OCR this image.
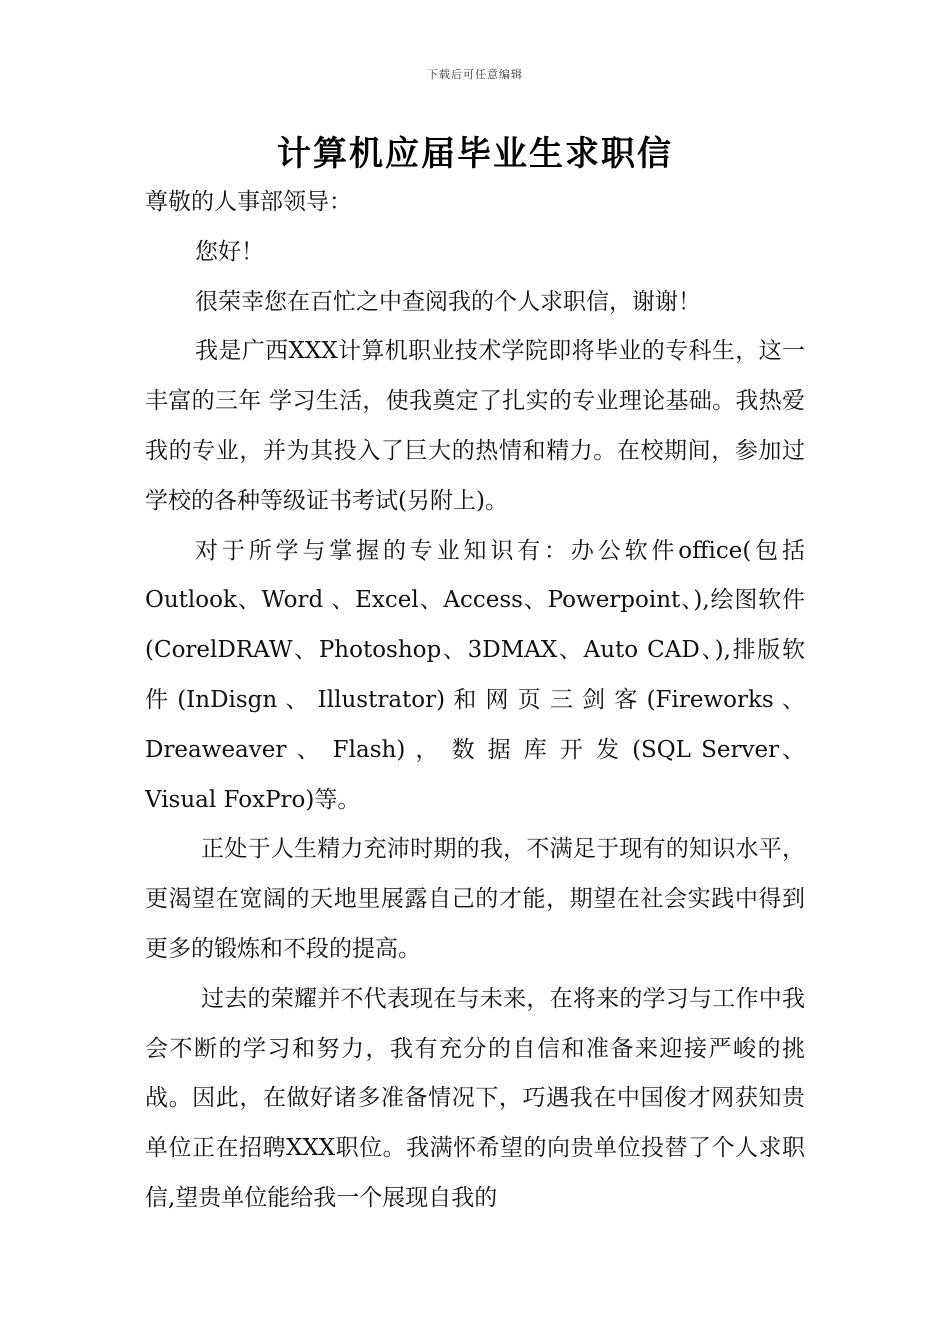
下载后可任意编辑
计算机应届毕业生求职信

尊敬的人事部领导：

您好！

很荣幸您在百忙之中查阅我的个人求职信，谢谢！

我是广西XXX计算机职业技术学院即将毕业的专科生，这一丰富的三年 学习生活，使我奠定了扎实的专业理论基础。我热爱我的专业，并为其投入了巨大的热情和精力。在校期间，参加过学校的各种等级证书考试(另附上)。

对于所学与掌握的专业知识有：办公软件office(包括Outlook、Word 、Excel、Access、Powerpoint、),绘图软件(CorelDRAW、Photoshop、3DMAX、Auto CAD、),排版软件 (InDisgn 、 Illustrator) 和 网 页 三 剑 客 (Fireworks 、 Dreaweaver 、 Flash) ， 数 据 库 开 发 (SQL Server、 Visual FoxPro)等。

正处于人生精力充沛时期的我，不满足于现有的知识水平，更渴望在宽阔的天地里展露自己的才能，期望在社会实践中得到更多的锻炼和不段的提高。

过去的荣耀并不代表现在与未来，在将来的学习与工作中我会不断的学习和努力，我有充分的自信和准备来迎接严峻的挑战。因此，在做好诸多准备情况下，巧遇我在中国俊才网获知贵单位正在招聘XXX职位。我满怀希望的向贵单位投替了个人求职信,望贵单位能给我一个展现自我的
